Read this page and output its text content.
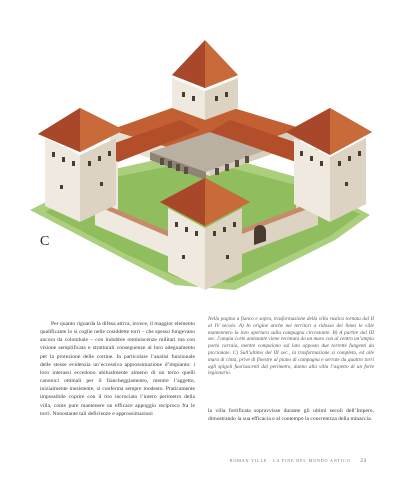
C

Per quanto riguarda la difesa attiva, invece, il maggior elemento qualificante lo si coglie nelle cosiddette torri – che spesso fungevano ancora da colombaie – con indubbie reminiscenze militari ma con visione semplificata e strutturali conseguenze al loro adeguamento per la protezione delle cortine. In particolare l’analisi funzionale delle stesse evidenzia un’eccessiva approssimazione d’impianto: i loro interassi eccedono abitualmente almeno di un terzo quelli canonici ottimali per il fiancheggiamento, mentre l’aggetto, inizialmente inesistente, si conferma sempre modesto. Praticamente impossibile coprire con il tiro incrociato l’intero perimetro della villa, come pure mantenere un efficace appoggio reciproco fra le torri. Nonostante tali deficienze e approssimazioni

Nella pagina a fianco e sopra, trasformazione della villa rustica tornata dal II al IV secolo. A) In origine anche nei territori a ridosso dei limes le ville mantennero la loro apertura sulla campagna circostante. B) A partire dal III sec. l’ampia corte antistante viene recintata da un muro con al centro un’ampia porta carraia, mentre compaiono sul lato opposto due torrette fungenti da piccionaie. C) Sull’ultimo del III sec., la trasformazione si completa, ed alle mura di cinta, prive di finestre al piano di campagna e serrate da quattro torri agli spigoli fuoriuscenti dal perimetro, danno alla villa l’aspetto di un forte legionario.

la villa fortificata sopravvisse durante gli ultimi secoli dell’Impero, dimostrando la sua efficacia e al contempo la concretezza della minaccia.

ROMAN VILLE · LA FINE DEL MONDO ANTICO 23
